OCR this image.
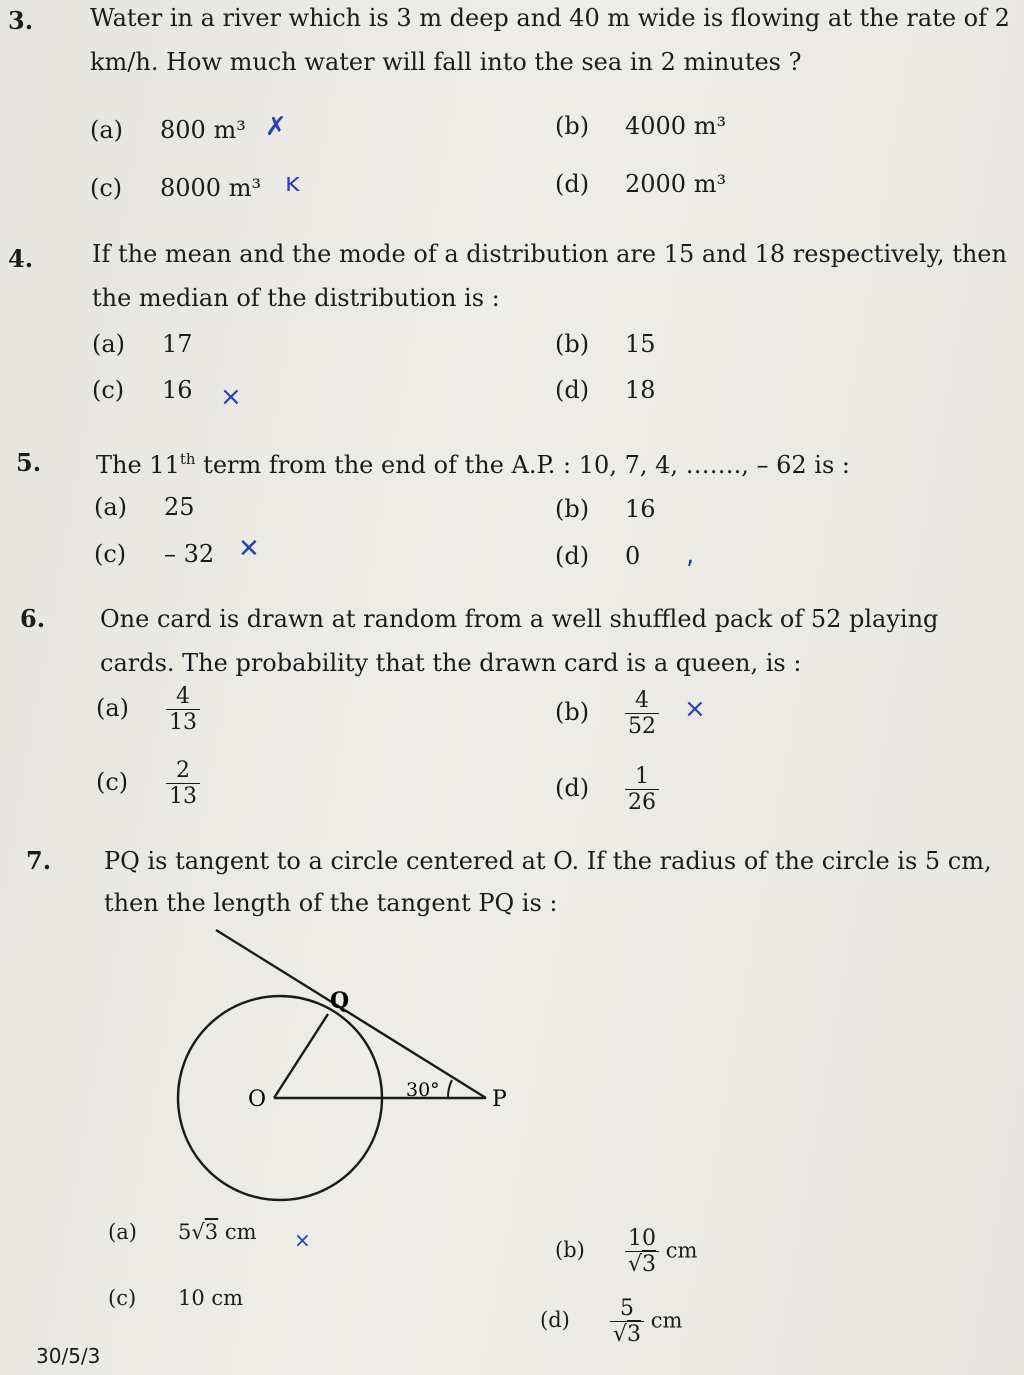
3. Water in a river which is 3 m deep and 40 m wide is flowing at the rate of 2 km/h. How much water will fall into the sea in 2 minutes ?
(a) 800 m³	(b) 4000 m³
(c) 8000 m³	(d) 2000 m³
✗
ĸ
4. If the mean and the mode of a distribution are 15 and 18 respectively, then the median of the distribution is :
(a) 17	(b) 15
(c) 16	(d) 18
×
5. The 11th term from the end of the A.P. : 10, 7, 4, ……., – 62 is :
(a) 25	(b) 16
(c) – 32	(d) 0
✕	,
6. One card is drawn at random from a well shuffled pack of 52 playing cards. The probability that the drawn card is a queen, is :
$(a) \frac{4}{13}$	$(b) \frac{4}{52}$
$(c) \frac{2}{13}$	$(d) \frac{1}{26}$
×
7. PQ is tangent to a circle centered at O. If the radius of the circle is 5 cm, then the length of the tangent PQ is :
O
Q
P
30°
(a) 5√3 cm
$(b) \frac{10}{√3}$ cm
(c) 10 cm
$(d) \frac{5}{√3}$ cm
×
30/5/3
